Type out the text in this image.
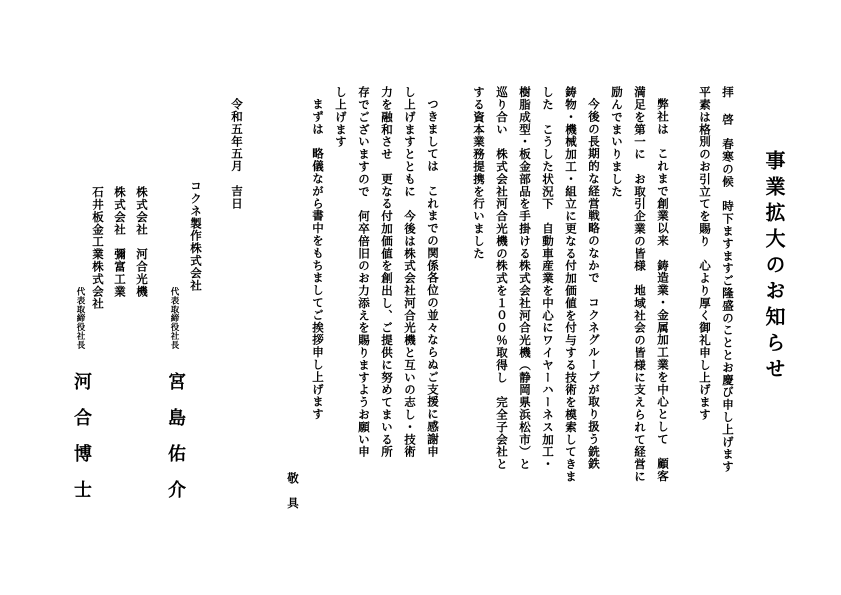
事業拡大のお知らせ
拝 啓　春寒の候　時下ますますご隆盛のこととお慶び申し上げます
平素は格別のお引立てを賜り　心より厚く御礼申し上げます
弊社は　これまで創業以来　鋳造業・金属加工業を中心として　顧客
満足を第一に　お取引企業の皆様　地域社会の皆様に支えられて経営に
励んでまいりました
今後の長期的な経営戦略のなかで　コクネグループが取り扱う銑鉄
鋳物・機械加工・組立に更なる付加価値を付与する技術を模索してきま
した　こうした状況下　自動車産業を中心にワイヤーハーネス加工・
樹脂成型・板金部品を手掛ける株式会社河合光機（静岡県浜松市）と
巡り合い　株式会社河合光機の株式を１００％取得し　完全子会社と
する資本業務提携を行いました
つきましては　これまでの関係各位の並々ならぬご支援に感謝申
し上げますとともに　今後は株式会社河合光機と互いの志し・技術
力を融和させ　更なる付加価値を創出し、ご提供に努めてまいる所
存でございますので　何卒倍旧のお力添えを賜りますようお願い申
し上げます
まずは　略儀ながら書中をもちましてご挨拶申し上げます
敬　具
令和五年五月　吉日
コクネ製作株式会社
代表取締役社長
宮　島　佑　介
株式会社　河合光機
株式会社　彌富工業
石井板金工業株式会社
代表取締役社長
河　合　博　士
